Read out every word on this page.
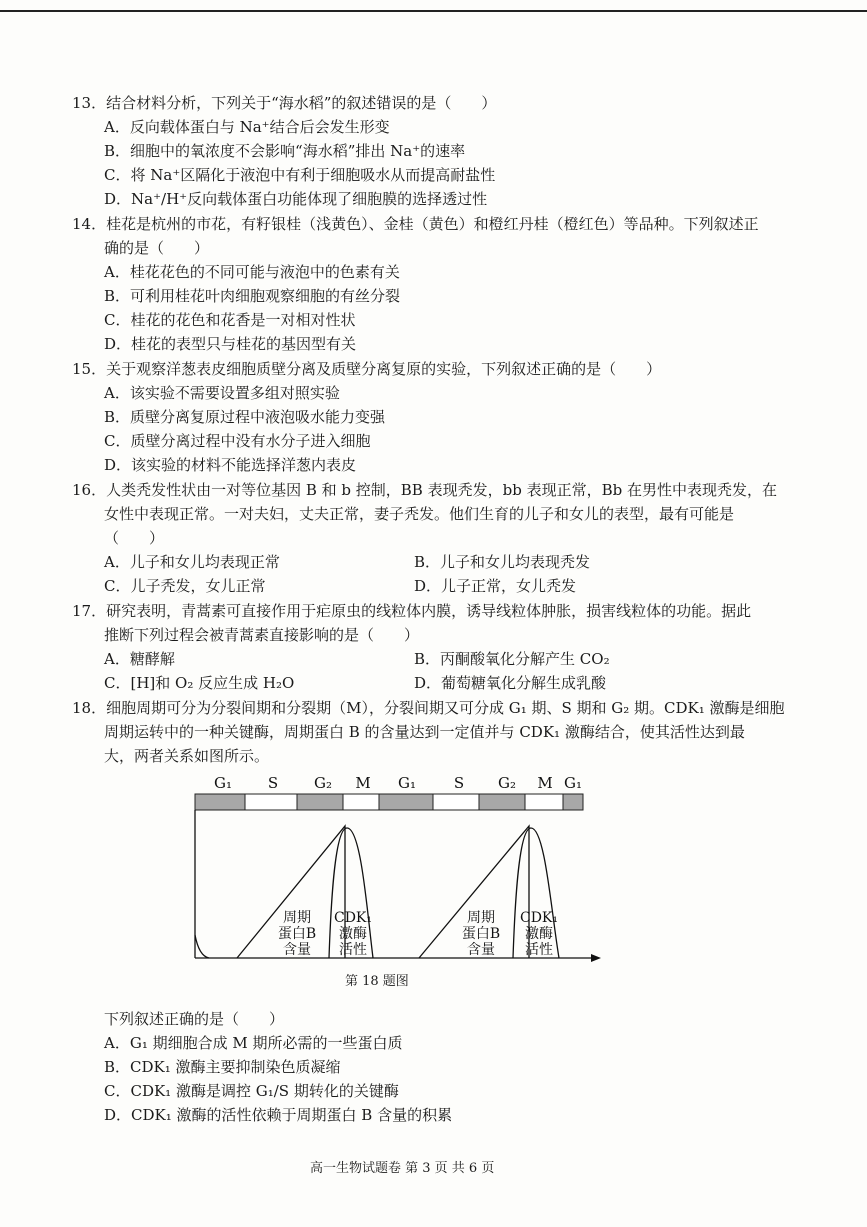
13．结合材料分析，下列关于“海水稻”的叙述错误的是（　　）
A．反向载体蛋白与 Na⁺结合后会发生形变
B．细胞中的氧浓度不会影响“海水稻”排出 Na⁺的速率
C．将 Na⁺区隔化于液泡中有利于细胞吸水从而提高耐盐性
D．Na⁺/H⁺反向载体蛋白功能体现了细胞膜的选择透过性
14．桂花是杭州的市花，有籽银桂（浅黄色）、金桂（黄色）和橙红丹桂（橙红色）等品种。下列叙述正
确的是（　　）
A．桂花花色的不同可能与液泡中的色素有关
B．可利用桂花叶肉细胞观察细胞的有丝分裂
C．桂花的花色和花香是一对相对性状
D．桂花的表型只与桂花的基因型有关
15．关于观察洋葱表皮细胞质壁分离及质壁分离复原的实验，下列叙述正确的是（　　）
A．该实验不需要设置多组对照实验
B．质壁分离复原过程中液泡吸水能力变强
C．质壁分离过程中没有水分子进入细胞
D．该实验的材料不能选择洋葱内表皮
16．人类秃发性状由一对等位基因 B 和 b 控制，BB 表现秃发，bb 表现正常，Bb 在男性中表现秃发，在
女性中表现正常。一对夫妇，丈夫正常，妻子秃发。他们生育的儿子和女儿的表型，最有可能是
（　　）
A．儿子和女儿均表现正常	B．儿子和女儿均表现秃发
C．儿子秃发，女儿正常	D．儿子正常，女儿秃发
17．研究表明，青蒿素可直接作用于疟原虫的线粒体内膜，诱导线粒体肿胀，损害线粒体的功能。据此
推断下列过程会被青蒿素直接影响的是（　　）
A．糖酵解	B．丙酮酸氧化分解产生 CO₂
C．[H]和 O₂ 反应生成 H₂O	D．葡萄糖氧化分解生成乳酸
18．细胞周期可分为分裂间期和分裂期（M），分裂间期又可分成 G₁ 期、S 期和 G₂ 期。CDK₁ 激酶是细胞
周期运转中的一种关键酶，周期蛋白 B 的含量达到一定值并与 CDK₁ 激酶结合，使其活性达到最
大，两者关系如图所示。
G₁ S G₂ M G₁	S G₂ M G₁
周期
蛋白B
含量
CDK₁
激酶
活性
周期
蛋白B
含量
CDK₁
激酶
活性
第 18 题图
下列叙述正确的是（　　）
A．G₁ 期细胞合成 M 期所必需的一些蛋白质
B．CDK₁ 激酶主要抑制染色质凝缩
C．CDK₁ 激酶是调控 G₁/S 期转化的关键酶
D．CDK₁ 激酶的活性依赖于周期蛋白 B 含量的积累
高一生物试题卷 第 3 页 共 6 页
